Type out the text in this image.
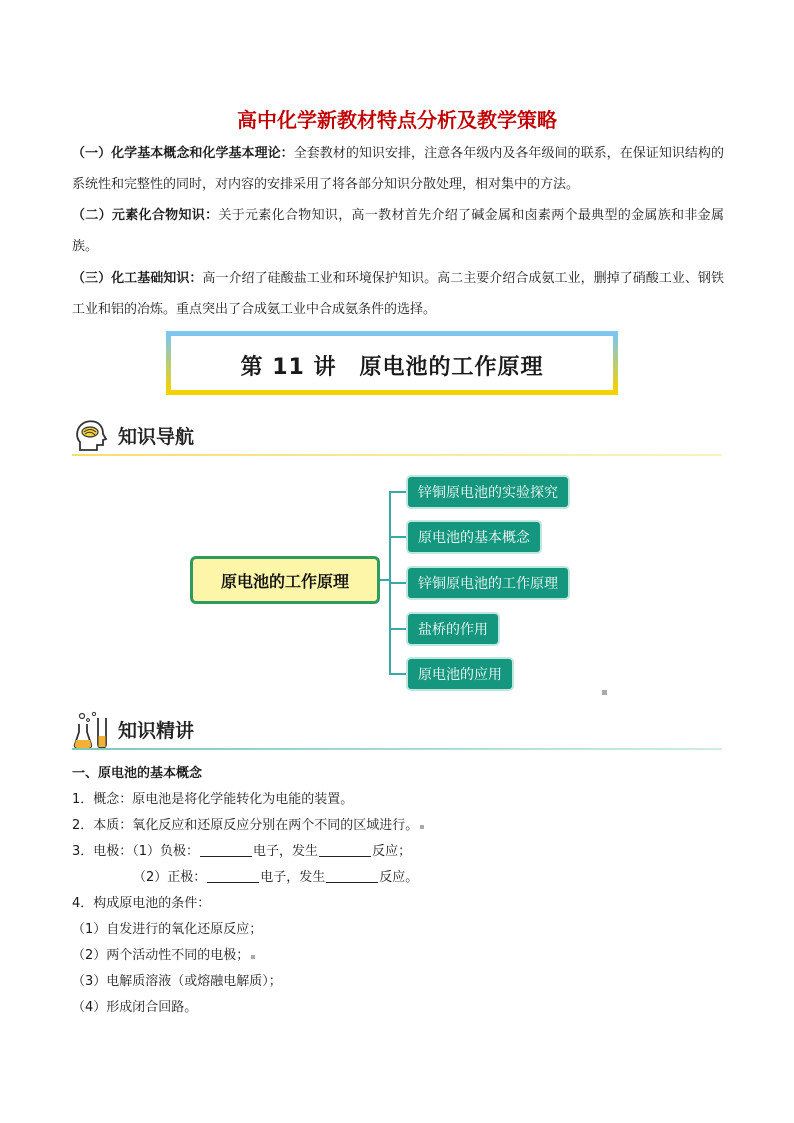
高中化学新教材特点分析及教学策略
（一）化学基本概念和化学基本理论：全套教材的知识安排，注意各年级内及各年级间的联系，在保证知识结构的系统性和完整性的同时，对内容的安排采用了将各部分知识分散处理，相对集中的方法。
（二）元素化合物知识：关于元素化合物知识，高一教材首先介绍了碱金属和卤素两个最典型的金属族和非金属族。
（三）化工基础知识：高一介绍了硅酸盐工业和环境保护知识。高二主要介绍合成氨工业，删掉了硝酸工业、钢铁工业和铝的冶炼。重点突出了合成氨工业中合成氨条件的选择。
第 11 讲　原电池的工作原理
知识导航
原电池的工作原理
锌铜原电池的实验探究
原电池的基本概念
锌铜原电池的工作原理
盐桥的作用
原电池的应用
知识精讲
一、原电池的基本概念
1．概念：原电池是将化学能转化为电能的装置。
2．本质：氧化反应和还原反应分别在两个不同的区域进行。
3．电极：（1）负极：	电子，发生	反应；
（2）正极：	电子，发生	反应。
4．构成原电池的条件：
（1）自发进行的氧化还原反应；
（2）两个活动性不同的电极；
（3）电解质溶液（或熔融电解质）；
（4）形成闭合回路。
